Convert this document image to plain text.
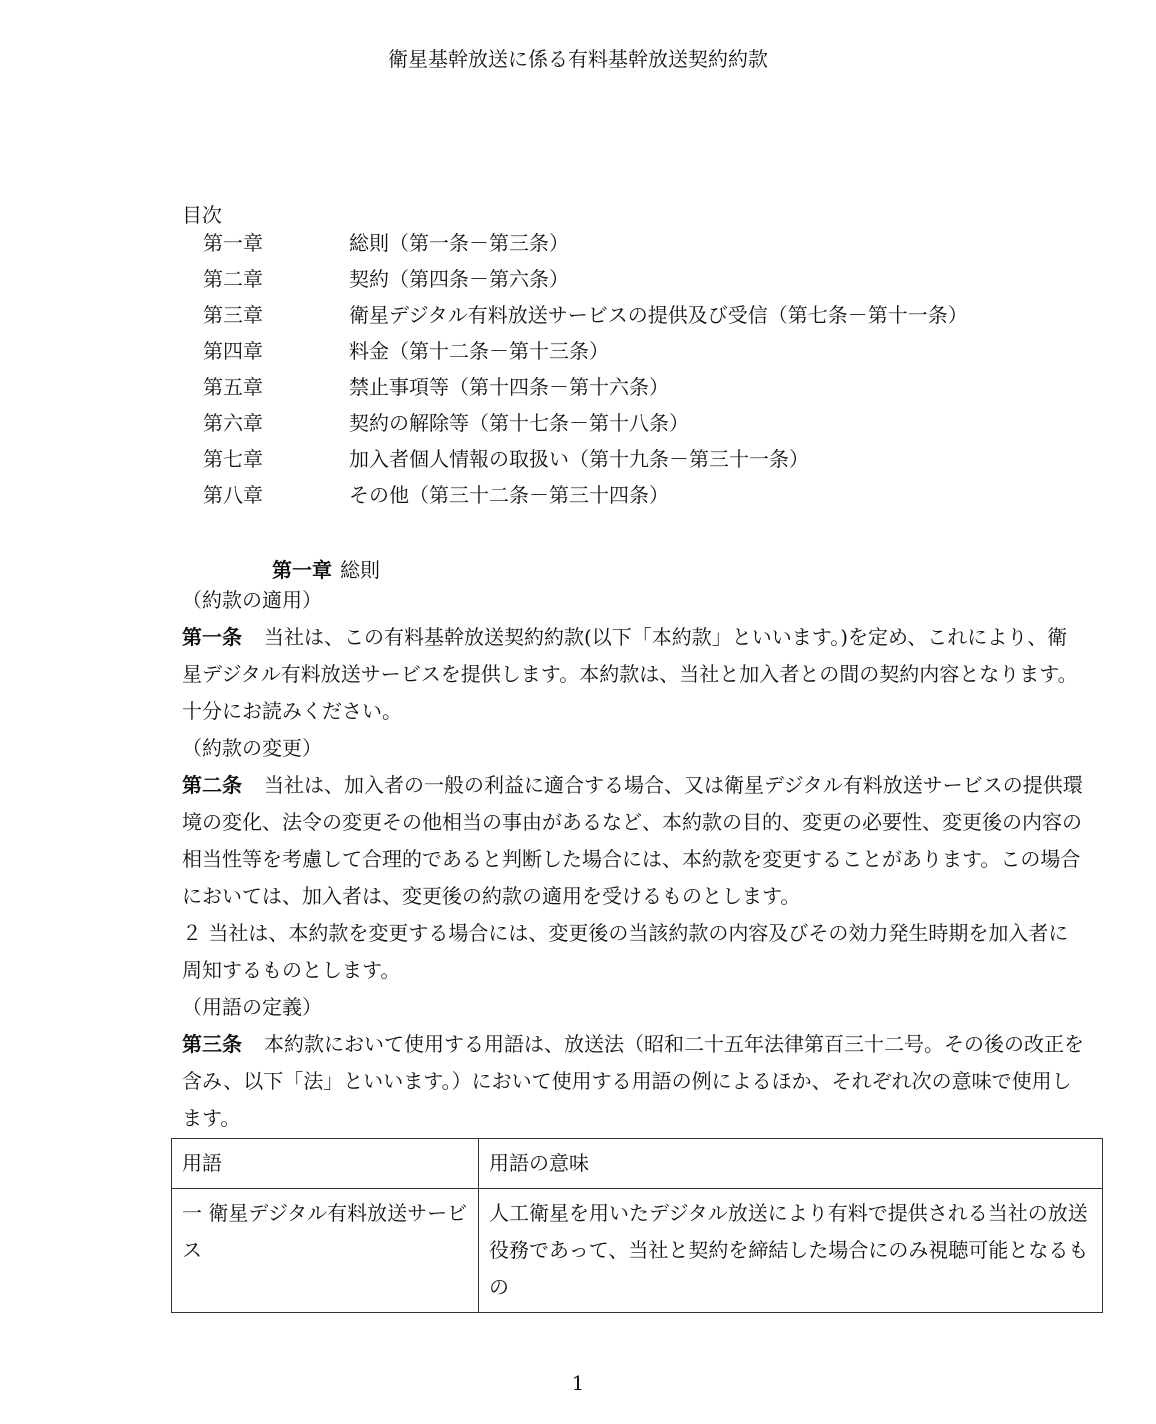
衛星基幹放送に係る有料基幹放送契約約款
目次
第一章	総則（第一条－第三条）
第二章	契約（第四条－第六条）
第三章	衛星デジタル有料放送サービスの提供及び受信（第七条－第十一条）
第四章	料金（第十二条－第十三条）
第五章	禁止事項等（第十四条－第十六条）
第六章	契約の解除等（第十七条－第十八条）
第七章	加入者個人情報の取扱い（第十九条－第三十一条）
第八章	その他（第三十二条－第三十四条）
第一章 総則
（約款の適用）
第一条 当社は、この有料基幹放送契約約款(以下「本約款」といいます。)を定め、これにより、衛星デジタル有料放送サービスを提供します。本約款は、当社と加入者との間の契約内容となります。十分にお読みください。
（約款の変更）
第二条 当社は、加入者の一般の利益に適合する場合、又は衛星デジタル有料放送サービスの提供環境の変化、法令の変更その他相当の事由があるなど、本約款の目的、変更の必要性、変更後の内容の相当性等を考慮して合理的であると判断した場合には、本約款を変更することがあります。この場合においては、加入者は、変更後の約款の適用を受けるものとします。
２ 当社は、本約款を変更する場合には、変更後の当該約款の内容及びその効力発生時期を加入者に周知するものとします。
（用語の定義）
第三条 本約款において使用する用語は、放送法（昭和二十五年法律第百三十二号。その後の改正を含み、以下「法」といいます。）において使用する用語の例によるほか、それぞれ次の意味で使用します。
用語	用語の意味
一 衛星デジタル有料放送サービス	人工衛星を用いたデジタル放送により有料で提供される当社の放送役務であって、当社と契約を締結した場合にのみ視聴可能となるもの
1
